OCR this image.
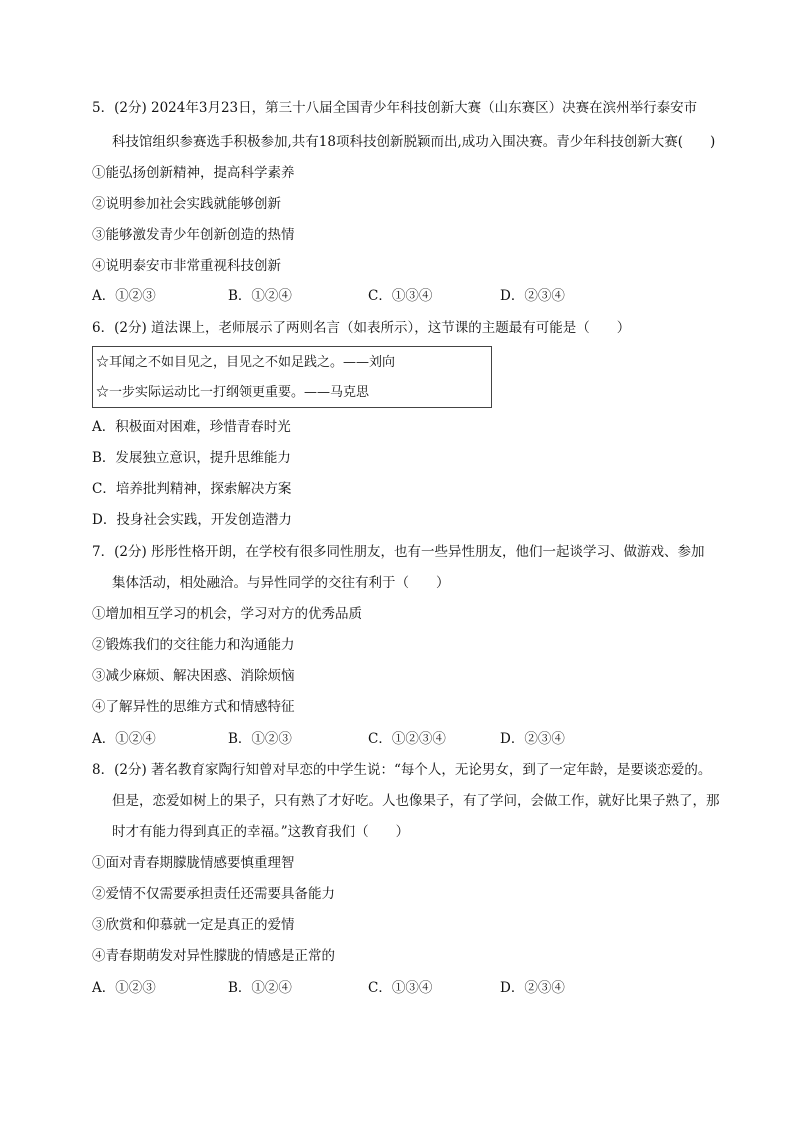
5．(2分) 2024年3月23日，第三十八届全国青少年科技创新大赛（山东赛区）决赛在滨州举行泰安市
科技馆组织参赛选手积极参加,共有18项科技创新脱颖而出,成功入围决赛。青少年科技创新大赛(　　)
①能弘扬创新精神，提高科学素养
②说明参加社会实践就能够创新
③能够激发青少年创新创造的热情
④说明泰安市非常重视科技创新
A．①②③	B．①②④	C．①③④	D．②③④
6．(2分) 道法课上，老师展示了两则名言（如表所示），这节课的主题最有可能是（　　）
☆耳闻之不如目见之，目见之不如足践之。——刘向
☆一步实际运动比一打纲领更重要。——马克思
A．积极面对困难，珍惜青春时光
B．发展独立意识，提升思维能力
C．培养批判精神，探索解决方案
D．投身社会实践，开发创造潜力
7．(2分) 彤彤性格开朗，在学校有很多同性朋友，也有一些异性朋友，他们一起谈学习、做游戏、参加
集体活动，相处融洽。与异性同学的交往有利于（　　）
①增加相互学习的机会，学习对方的优秀品质
②锻炼我们的交往能力和沟通能力
③减少麻烦、解决困惑、消除烦恼
④了解异性的思维方式和情感特征
A．①②④	B．①②③	C．①②③④	D．②③④
8．(2分) 著名教育家陶行知曾对早恋的中学生说：“每个人，无论男女，到了一定年龄，是要谈恋爱的。
但是，恋爱如树上的果子，只有熟了才好吃。人也像果子，有了学问，会做工作，就好比果子熟了，那
时才有能力得到真正的幸福。”这教育我们（　　）
①面对青春期朦胧情感要慎重理智
②爱情不仅需要承担责任还需要具备能力
③欣赏和仰慕就一定是真正的爱情
④青春期萌发对异性朦胧的情感是正常的
A．①②③	B．①②④	C．①③④	D．②③④
